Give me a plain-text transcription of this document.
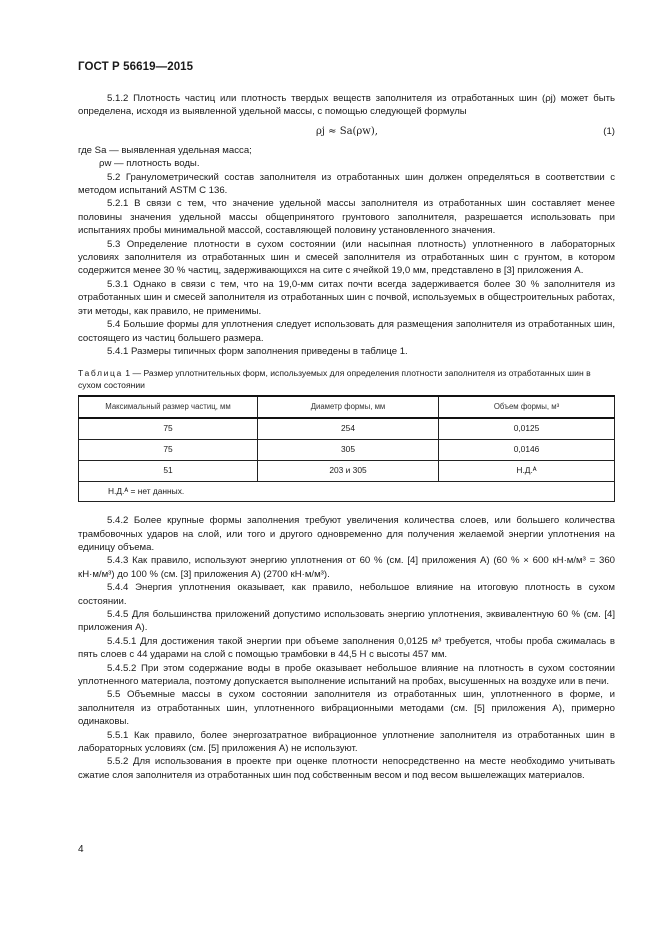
ГОСТ Р 56619—2015

5.1.2 Плотность частиц или плотность твердых веществ заполнителя из отработанных шин (ρj) может быть определена, исходя из выявленной удельной массы, с помощью следующей формулы

ρj ≈ Sa(ρw),	(1)

где Sa — выявленная удельная масса;

ρw — плотность воды.

5.2 Гранулометрический состав заполнителя из отработанных шин должен определяться в соответствии с методом испытаний ASTM C 136.

5.2.1 В связи с тем, что значение удельной массы заполнителя из отработанных шин составляет менее половины значения удельной массы общепринятого грунтового заполнителя, разрешается использовать при испытаниях пробы минимальной массой, составляющей половину установленного значения.

5.3 Определение плотности в сухом состоянии (или насыпная плотность) уплотненного в лабораторных условиях заполнителя из отработанных шин и смесей заполнителя из отработанных шин с грунтом, в котором содержится менее 30 % частиц, задерживающихся на сите с ячейкой 19,0 мм, представлено в [3] приложения А.

5.3.1 Однако в связи с тем, что на 19,0-мм ситах почти всегда задерживается более 30 % заполнителя из отработанных шин и смесей заполнителя из отработанных шин с почвой, используемых в общестроительных работах, эти методы, как правило, не применимы.

5.4 Большие формы для уплотнения следует использовать для размещения заполнителя из отработанных шин, состоящего из частиц большего размера.

5.4.1 Размеры типичных форм заполнения приведены в таблице 1.

Таблица 1 — Размер уплотнительных форм, используемых для определения плотности заполнителя из отработанных шин в сухом состоянии

Максимальный размер частиц, мм	Диаметр формы, мм	Объем формы, м³
75	254	0,0125
75	305	0,0146
51	203 и 305	Н.Д.ᴬ
Н.Д.ᴬ = нет данных.		

5.4.2 Более крупные формы заполнения требуют увеличения количества слоев, или большего количества трамбовочных ударов на слой, или того и другого одновременно для получения желаемой энергии уплотнения на единицу объема.

5.4.3 Как правило, используют энергию уплотнения от 60 % (см. [4] приложения А) (60 % × 600 кН·м/м³ = 360 кН·м/м³) до 100 % (см. [3] приложения А) (2700 кН·м/м³).

5.4.4 Энергия уплотнения оказывает, как правило, небольшое влияние на итоговую плотность в сухом состоянии.

5.4.5 Для большинства приложений допустимо использовать энергию уплотнения, эквивалентную 60 % (см. [4] приложения А).

5.4.5.1 Для достижения такой энергии при объеме заполнения 0,0125 м³ требуется, чтобы проба сжималась в пять слоев с 44 ударами на слой с помощью трамбовки в 44,5 Н с высоты 457 мм.

5.4.5.2 При этом содержание воды в пробе оказывает небольшое влияние на плотность в сухом состоянии уплотненного материала, поэтому допускается выполнение испытаний на пробах, высушенных на воздухе или в печи.

5.5 Объемные массы в сухом состоянии заполнителя из отработанных шин, уплотненного в форме, и заполнителя из отработанных шин, уплотненного вибрационными методами (см. [5] приложения А), примерно одинаковы.

5.5.1 Как правило, более энергозатратное вибрационное уплотнение заполнителя из отработанных шин в лабораторных условиях (см. [5] приложения А) не используют.

5.5.2 Для использования в проекте при оценке плотности непосредственно на месте необходимо учитывать сжатие слоя заполнителя из отработанных шин под собственным весом и под весом вышележащих материалов.

4
